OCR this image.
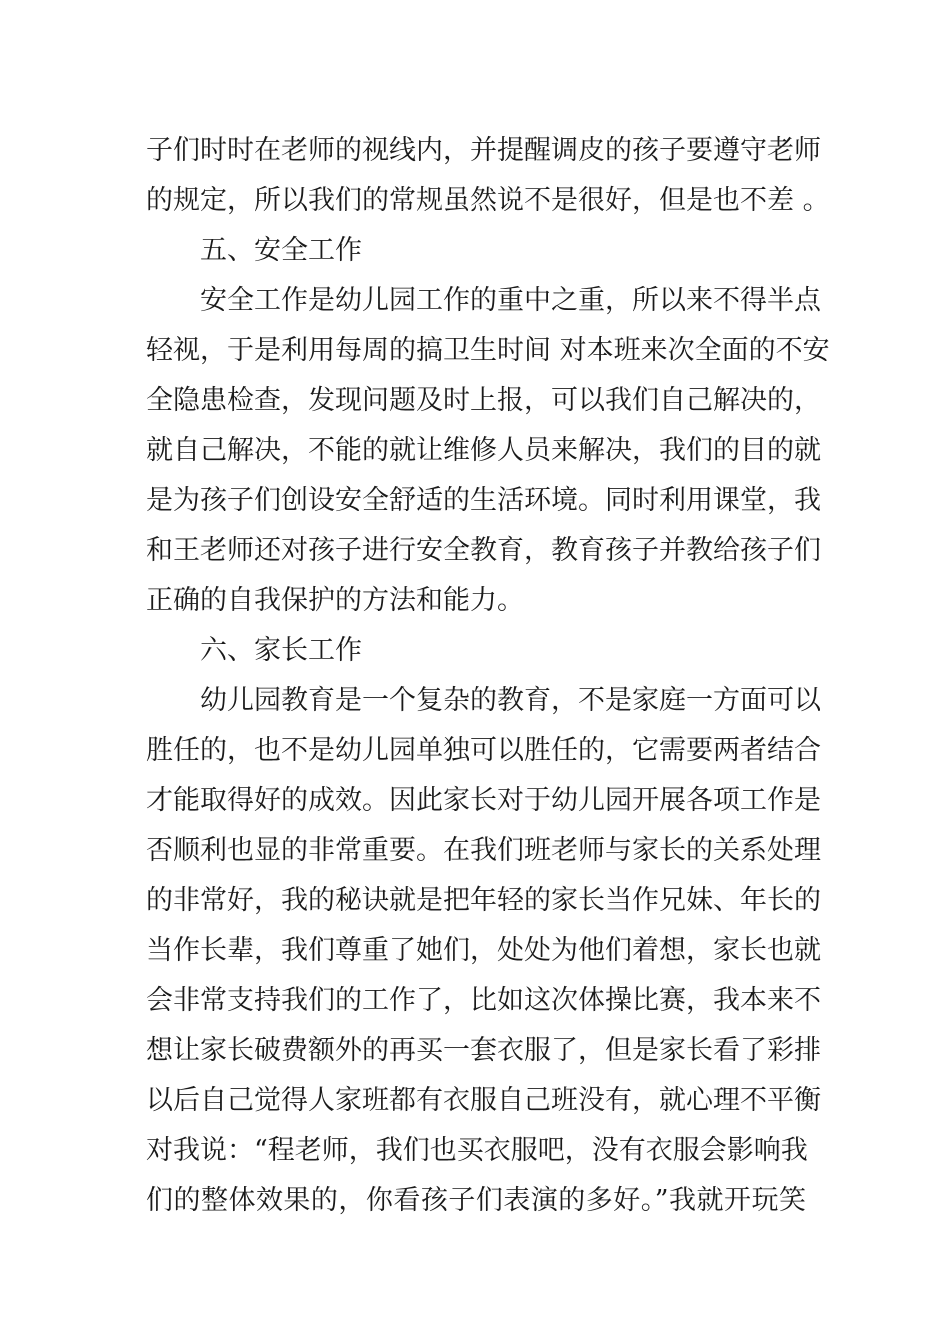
子们时时在老师的视线内，并提醒调皮的孩子要遵守老师
的规定，所以我们的常规虽然说不是很好，但是也不差 。
五、安全工作
安全工作是幼儿园工作的重中之重，所以来不得半点
轻视，于是利用每周的搞卫生时间 对本班来次全面的不安
全隐患检查，发现问题及时上报，可以我们自己解决的，
就自己解决，不能的就让维修人员来解决，我们的目的就
是为孩子们创设安全舒适的生活环境。同时利用课堂，我
和王老师还对孩子进行安全教育，教育孩子并教给孩子们
正确的自我保护的方法和能力。
六、家长工作
幼儿园教育是一个复杂的教育，不是家庭一方面可以
胜任的，也不是幼儿园单独可以胜任的，它需要两者结合
才能取得好的成效。因此家长对于幼儿园开展各项工作是
否顺利也显的非常重要。在我们班老师与家长的关系处理
的非常好，我的秘诀就是把年轻的家长当作兄妹、年长的
当作长辈，我们尊重了她们，处处为他们着想，家长也就
会非常支持我们的工作了，比如这次体操比赛，我本来不
想让家长破费额外的再买一套衣服了，但是家长看了彩排
以后自己觉得人家班都有衣服自己班没有，就心理不平衡
对我说：“程老师，我们也买衣服吧，没有衣服会影响我
们的整体效果的，你看孩子们表演的多好。”我就开玩笑
